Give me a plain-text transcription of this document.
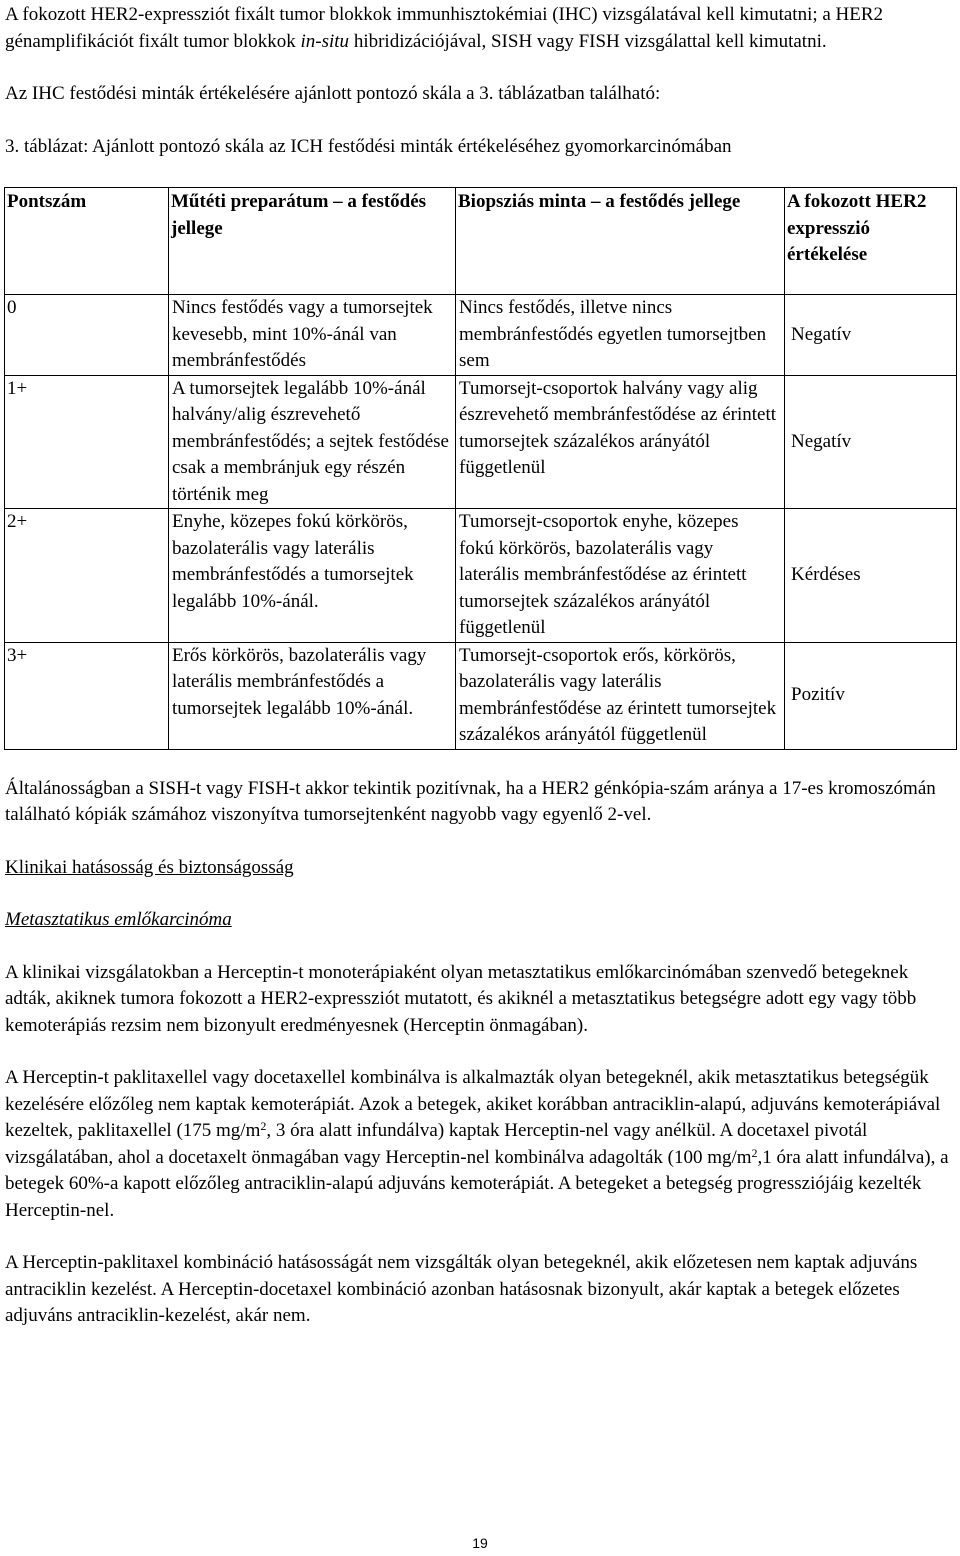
A fokozott HER2-expressziót fixált tumor blokkok immunhisztokémiai (IHC) vizsgálatával kell kimutatni; a HER2 génamplifikációt fixált tumor blokkok in-situ hibridizációjával, SISH vagy FISH vizsgálattal kell kimutatni.

Az IHC festődési minták értékelésére ajánlott pontozó skála a 3. táblázatban található:

3. táblázat: Ajánlott pontozó skála az ICH festődési minták értékeléséhez gyomorkarcinómában

Pontszám	Műtéti preparátum – a festődés jellege	Biopsziás minta – a festődés jellege	A fokozott HER2 expresszió értékelése
0	Nincs festődés vagy a tumorsejtek kevesebb, mint 10%-ánál van membránfestődés	Nincs festődés, illetve nincs membránfestődés egyetlen tumorsejtben sem	Negatív
1+	A tumorsejtek legalább 10%-ánál halvány/alig észrevehető membránfestődés; a sejtek festődése csak a membránjuk egy részén történik meg	Tumorsejt-csoportok halvány vagy alig észrevehető membránfestődése az érintett tumorsejtek százalékos arányától függetlenül	Negatív
2+	Enyhe, közepes fokú körkörös, bazolaterális vagy laterális membránfestődés a tumorsejtek legalább 10%-ánál.	Tumorsejt-csoportok enyhe, közepes fokú körkörös, bazolaterális vagy laterális membránfestődése az érintett tumorsejtek százalékos arányától függetlenül	Kérdéses
3+	Erős körkörös, bazolaterális vagy laterális membránfestődés a tumorsejtek legalább 10%-ánál.	Tumorsejt-csoportok erős, körkörös, bazolaterális vagy laterális membránfestődése az érintett tumorsejtek százalékos arányától függetlenül	Pozitív

Általánosságban a SISH-t vagy FISH-t akkor tekintik pozitívnak, ha a HER2 génkópia-szám aránya a 17-es kromoszómán található kópiák számához viszonyítva tumorsejtenként nagyobb vagy egyenlő 2-vel.

Klinikai hatásosság és biztonságosság

Metasztatikus emlőkarcinóma

A klinikai vizsgálatokban a Herceptin-t monoterápiaként olyan metasztatikus emlőkarcinómában szenvedő betegeknek adták, akiknek tumora fokozott a HER2-expressziót mutatott, és akiknél a metasztatikus betegségre adott egy vagy több kemoterápiás rezsim nem bizonyult eredményesnek (Herceptin önmagában).

A Herceptin-t paklitaxellel vagy docetaxellel kombinálva is alkalmazták olyan betegeknél, akik metasztatikus betegségük kezelésére előzőleg nem kaptak kemoterápiát. Azok a betegek, akiket korábban antraciklin-alapú, adjuváns kemoterápiával kezeltek, paklitaxellel (175 $mg/m^2$, 3 óra alatt infundálva) kaptak Herceptin-nel vagy anélkül. A docetaxel pivotál vizsgálatában, ahol a docetaxelt önmagában vagy Herceptin-nel kombinálva adagolták (100 $mg/m^2,1$ óra alatt infundálva), a betegek 60%-a kapott előzőleg antraciklin-alapú adjuváns kemoterápiát. A betegeket a betegség progressziójáig kezelték Herceptin-nel.

A Herceptin-paklitaxel kombináció hatásosságát nem vizsgálták olyan betegeknél, akik előzetesen nem kaptak adjuváns antraciklin kezelést. A Herceptin-docetaxel kombináció azonban hatásosnak bizonyult, akár kaptak a betegek előzetes adjuváns antraciklin-kezelést, akár nem.

19
